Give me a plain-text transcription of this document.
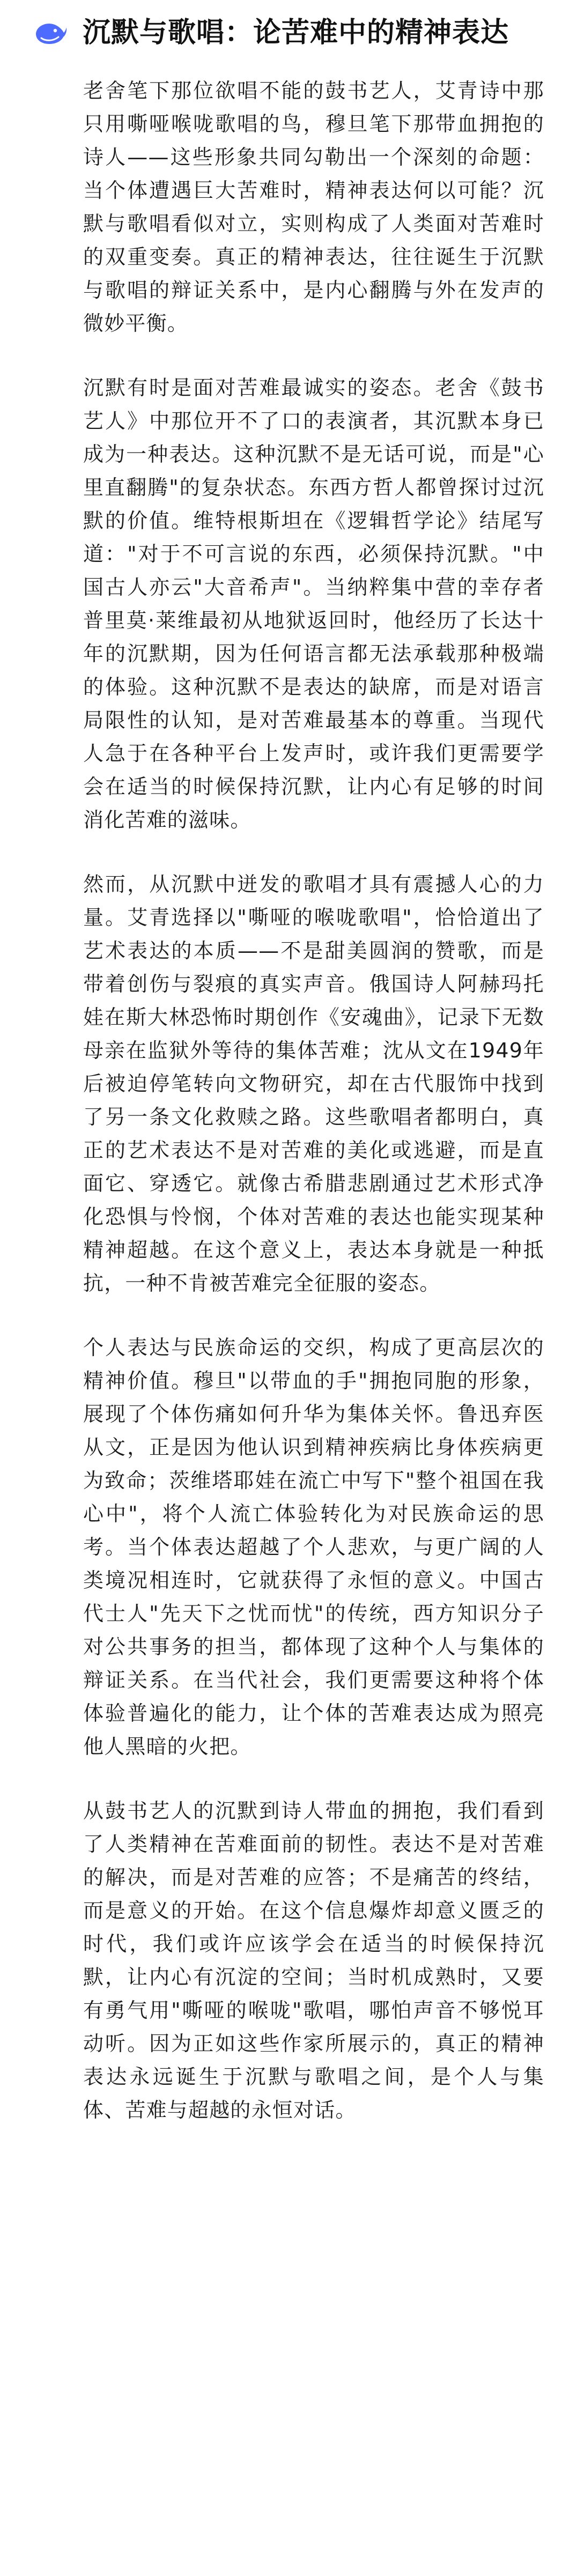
沉默与歌唱：论苦难中的精神表达

老舍笔下那位欲唱不能的鼓书艺人，艾青诗中那只用嘶哑喉咙歌唱的鸟，穆旦笔下那带血拥抱的诗人——这些形象共同勾勒出一个深刻的命题：当个体遭遇巨大苦难时，精神表达何以可能？沉默与歌唱看似对立，实则构成了人类面对苦难时的双重变奏。真正的精神表达，往往诞生于沉默与歌唱的辩证关系中，是内心翻腾与外在发声的微妙平衡。

沉默有时是面对苦难最诚实的姿态。老舍《鼓书艺人》中那位开不了口的表演者，其沉默本身已成为一种表达。这种沉默不是无话可说，而是"心里直翻腾"的复杂状态。东西方哲人都曾探讨过沉默的价值。维特根斯坦在《逻辑哲学论》结尾写道："对于不可言说的东西，必须保持沉默。"中国古人亦云"大音希声"。当纳粹集中营的幸存者普里莫·莱维最初从地狱返回时，他经历了长达十年的沉默期，因为任何语言都无法承载那种极端的体验。这种沉默不是表达的缺席，而是对语言局限性的认知，是对苦难最基本的尊重。当现代人急于在各种平台上发声时，或许我们更需要学会在适当的时候保持沉默，让内心有足够的时间消化苦难的滋味。

然而，从沉默中迸发的歌唱才具有震撼人心的力量。艾青选择以"嘶哑的喉咙歌唱"，恰恰道出了艺术表达的本质——不是甜美圆润的赞歌，而是带着创伤与裂痕的真实声音。俄国诗人阿赫玛托娃在斯大林恐怖时期创作《安魂曲》，记录下无数母亲在监狱外等待的集体苦难；沈从文在1949年后被迫停笔转向文物研究，却在古代服饰中找到了另一条文化救赎之路。这些歌唱者都明白，真正的艺术表达不是对苦难的美化或逃避，而是直面它、穿透它。就像古希腊悲剧通过艺术形式净化恐惧与怜悯，个体对苦难的表达也能实现某种精神超越。在这个意义上，表达本身就是一种抵抗，一种不肯被苦难完全征服的姿态。

个人表达与民族命运的交织，构成了更高层次的精神价值。穆旦"以带血的手"拥抱同胞的形象，展现了个体伤痛如何升华为集体关怀。鲁迅弃医从文，正是因为他认识到精神疾病比身体疾病更为致命；茨维塔耶娃在流亡中写下"整个祖国在我心中"，将个人流亡体验转化为对民族命运的思考。当个体表达超越了个人悲欢，与更广阔的人类境况相连时，它就获得了永恒的意义。中国古代士人"先天下之忧而忧"的传统，西方知识分子对公共事务的担当，都体现了这种个人与集体的辩证关系。在当代社会，我们更需要这种将个体体验普遍化的能力，让个体的苦难表达成为照亮他人黑暗的火把。

从鼓书艺人的沉默到诗人带血的拥抱，我们看到了人类精神在苦难面前的韧性。表达不是对苦难的解决，而是对苦难的应答；不是痛苦的终结，而是意义的开始。在这个信息爆炸却意义匮乏的时代，我们或许应该学会在适当的时候保持沉默，让内心有沉淀的空间；当时机成熟时，又要有勇气用"嘶哑的喉咙"歌唱，哪怕声音不够悦耳动听。因为正如这些作家所展示的，真正的精神表达永远诞生于沉默与歌唱之间，是个人与集体、苦难与超越的永恒对话。
